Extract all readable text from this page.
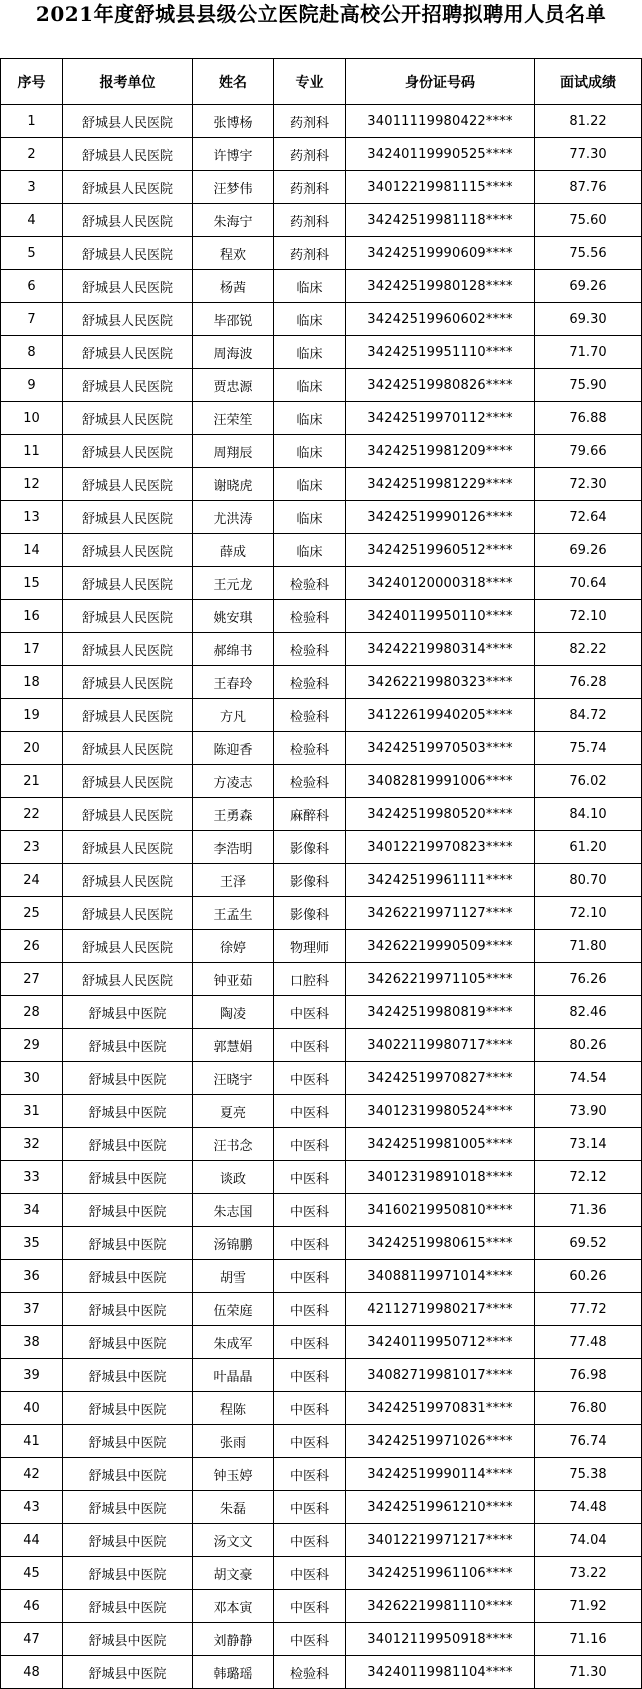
2021年度舒城县县级公立医院赴高校公开招聘拟聘用人员名单
序号	报考单位	姓名	专业	身份证号码	面试成绩
1	舒城县人民医院	张博杨	药剂科	34011119980422****	81.22
2	舒城县人民医院	许博宇	药剂科	34240119990525****	77.30
3	舒城县人民医院	汪梦伟	药剂科	34012219981115****	87.76
4	舒城县人民医院	朱海宁	药剂科	34242519981118****	75.60
5	舒城县人民医院	程欢	药剂科	34242519990609****	75.56
6	舒城县人民医院	杨茜	临床	34242519980128****	69.26
7	舒城县人民医院	毕邵锐	临床	34242519960602****	69.30
8	舒城县人民医院	周海波	临床	34242519951110****	71.70
9	舒城县人民医院	贾忠源	临床	34242519980826****	75.90
10	舒城县人民医院	汪荣笙	临床	34242519970112****	76.88
11	舒城县人民医院	周翔辰	临床	34242519981209****	79.66
12	舒城县人民医院	谢晓虎	临床	34242519981229****	72.30
13	舒城县人民医院	尤洪涛	临床	34242519990126****	72.64
14	舒城县人民医院	薛成	临床	34242519960512****	69.26
15	舒城县人民医院	王元龙	检验科	34240120000318****	70.64
16	舒城县人民医院	姚安琪	检验科	34240119950110****	72.10
17	舒城县人民医院	郝绵书	检验科	34242219980314****	82.22
18	舒城县人民医院	王春玲	检验科	34262219980323****	76.28
19	舒城县人民医院	方凡	检验科	34122619940205****	84.72
20	舒城县人民医院	陈迎香	检验科	34242519970503****	75.74
21	舒城县人民医院	方凌志	检验科	34082819991006****	76.02
22	舒城县人民医院	王勇森	麻醉科	34242519980520****	84.10
23	舒城县人民医院	李浩明	影像科	34012219970823****	61.20
24	舒城县人民医院	王泽	影像科	34242519961111****	80.70
25	舒城县人民医院	王孟生	影像科	34262219971127****	72.10
26	舒城县人民医院	徐婷	物理师	34262219990509****	71.80
27	舒城县人民医院	钟亚茹	口腔科	34262219971105****	76.26
28	舒城县中医院	陶凌	中医科	34242519980819****	82.46
29	舒城县中医院	郭慧娟	中医科	34022119980717****	80.26
30	舒城县中医院	汪晓宇	中医科	34242519970827****	74.54
31	舒城县中医院	夏亮	中医科	34012319980524****	73.90
32	舒城县中医院	汪书念	中医科	34242519981005****	73.14
33	舒城县中医院	谈政	中医科	34012319891018****	72.12
34	舒城县中医院	朱志国	中医科	34160219950810****	71.36
35	舒城县中医院	汤锦鹏	中医科	34242519980615****	69.52
36	舒城县中医院	胡雪	中医科	34088119971014****	60.26
37	舒城县中医院	伍荣庭	中医科	42112719980217****	77.72
38	舒城县中医院	朱成军	中医科	34240119950712****	77.48
39	舒城县中医院	叶晶晶	中医科	34082719981017****	76.98
40	舒城县中医院	程陈	中医科	34242519970831****	76.80
41	舒城县中医院	张雨	中医科	34242519971026****	76.74
42	舒城县中医院	钟玉婷	中医科	34242519990114****	75.38
43	舒城县中医院	朱磊	中医科	34242519961210****	74.48
44	舒城县中医院	汤文文	中医科	34012219971217****	74.04
45	舒城县中医院	胡文豪	中医科	34242519961106****	73.22
46	舒城县中医院	邓本寅	中医科	34262219981110****	71.92
47	舒城县中医院	刘静静	中医科	34012119950918****	71.16
48	舒城县中医院	韩璐瑶	检验科	34240119981104****	71.30
